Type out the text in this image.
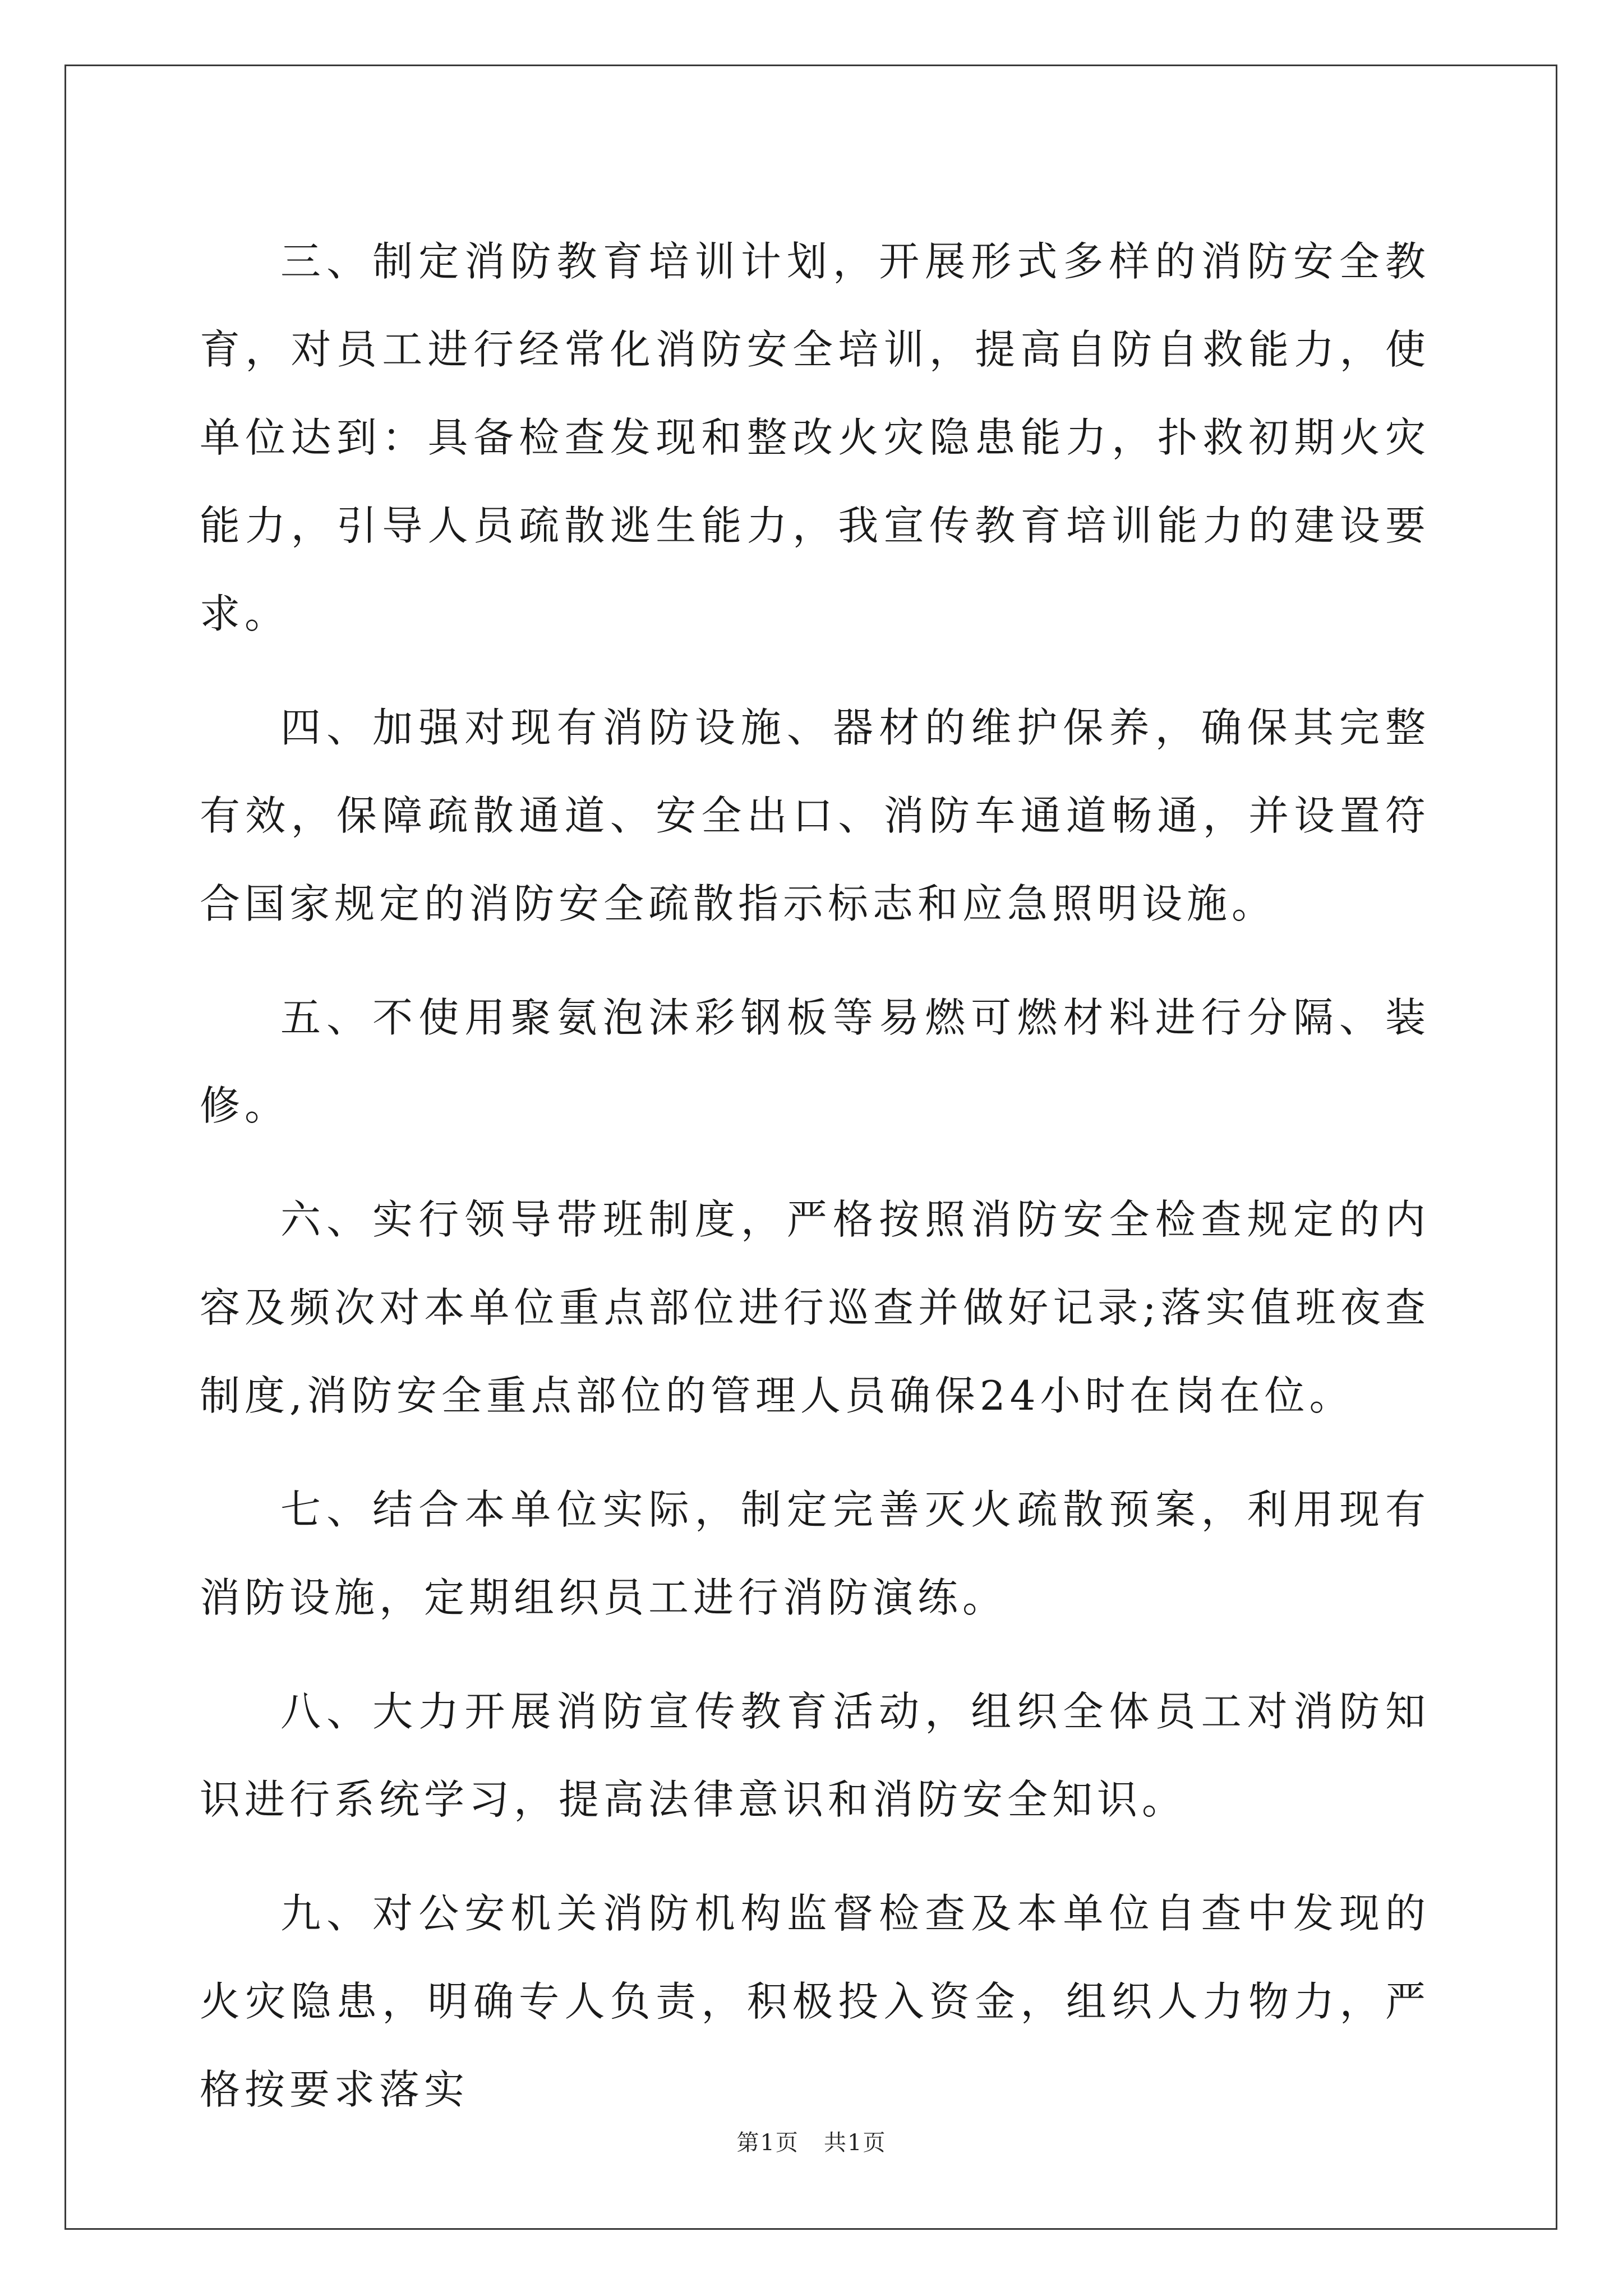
三、制定消防教育培训计划，开展形式多样的消防安全教育，对员工进行经常化消防安全培训，提高自防自救能力，使单位达到：具备检查发现和整改火灾隐患能力，扑救初期火灾能力，引导人员疏散逃生能力，我宣传教育培训能力的建设要求。

四、加强对现有消防设施、器材的维护保养，确保其完整有效，保障疏散通道、安全出口、消防车通道畅通，并设置符合国家规定的消防安全疏散指示标志和应急照明设施。

五、不使用聚氨泡沫彩钢板等易燃可燃材料进行分隔、装修。

六、实行领导带班制度，严格按照消防安全检查规定的内容及频次对本单位重点部位进行巡查并做好记录;落实值班夜查制度,消防安全重点部位的管理人员确保24小时在岗在位。

七、结合本单位实际，制定完善灭火疏散预案，利用现有消防设施，定期组织员工进行消防演练。

八、大力开展消防宣传教育活动，组织全体员工对消防知识进行系统学习，提高法律意识和消防安全知识。

九、对公安机关消防机构监督检查及本单位自查中发现的火灾隐患，明确专人负责，积极投入资金，组织人力物力，严格按要求落实

第1页   共1页
